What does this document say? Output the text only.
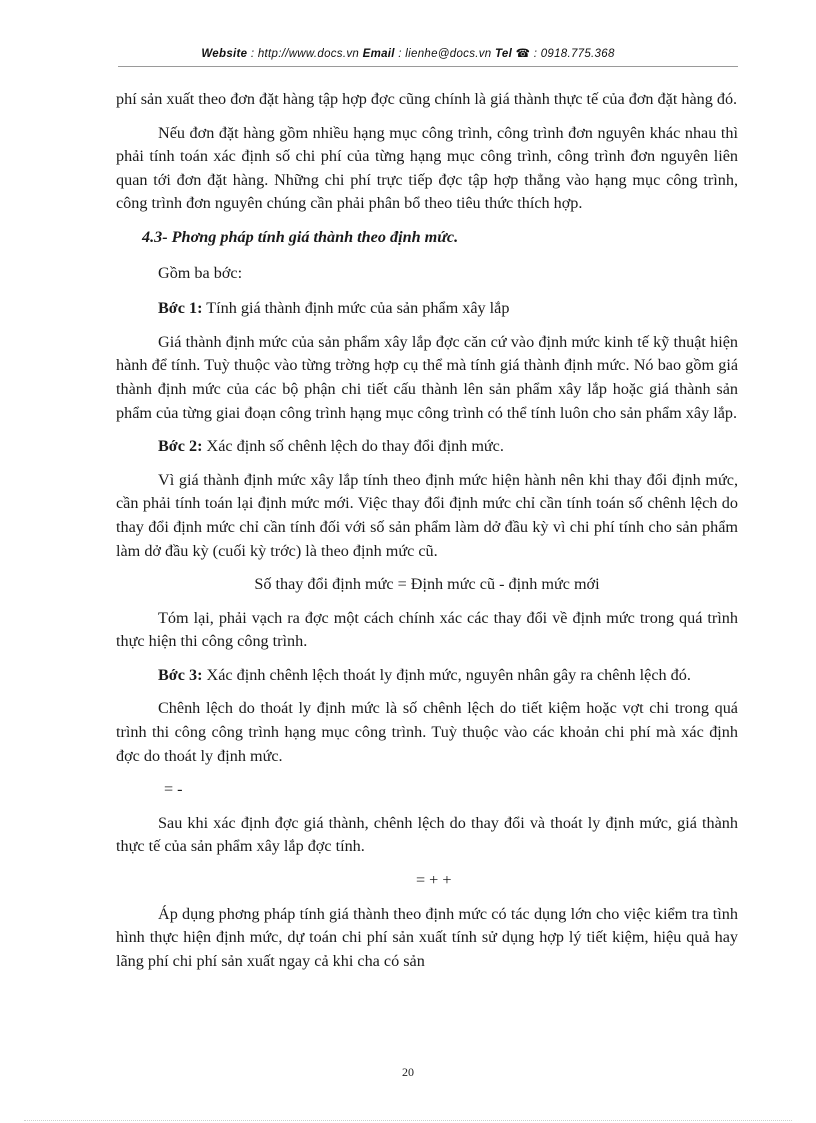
Website : http://www.docs.vn Email : lienhe@docs.vn Tel ☎ : 0918.775.368

phí sản xuất theo đơn đặt hàng tập hợp đợc cũng chính là giá thành thực tế của đơn đặt hàng đó.

Nếu đơn đặt hàng gồm nhiều hạng mục công trình, công trình đơn nguyên khác nhau thì phải tính toán xác định số chi phí của từng hạng mục công trình, công trình đơn nguyên liên quan tới đơn đặt hàng. Những chi phí trực tiếp đợc tập hợp thẳng vào hạng mục công trình, công trình đơn nguyên chúng cần phải phân bổ theo tiêu thức thích hợp.

4.3- Phơng pháp tính giá thành theo định mức.

Gồm ba bớc:

Bớc 1: Tính giá thành định mức của sản phẩm xây lắp

Giá thành định mức của sản phẩm xây lắp đợc căn cứ vào định mức kinh tế kỹ thuật hiện hành để tính. Tuỳ thuộc vào từng trờng hợp cụ thể mà tính giá thành định mức. Nó bao gồm giá thành định mức của các bộ phận chi tiết cấu thành lên sản phẩm xây lắp hoặc giá thành sản phẩm của từng giai đoạn công trình hạng mục công trình có thể tính luôn cho sản phẩm xây lắp.

Bớc 2: Xác định số chênh lệch do thay đổi định mức.

Vì giá thành định mức xây lắp tính theo định mức hiện hành nên khi thay đổi định mức, cần phải tính toán lại định mức mới. Việc thay đổi định mức chỉ cần tính toán số chênh lệch do thay đổi định mức chỉ cần tính đối với số sản phẩm làm dở đầu kỳ vì chi phí tính cho sản phẩm làm dở đầu kỳ (cuối kỳ trớc) là theo định mức cũ.

Số thay đổi định mức = Định mức cũ - định mức mới

Tóm lại, phải vạch ra đợc một cách chính xác các thay đổi về định mức trong quá trình thực hiện thi công công trình.

Bớc 3: Xác định chênh lệch thoát ly định mức, nguyên nhân gây ra chênh lệch đó.

Chênh lệch do thoát ly định mức là số chênh lệch do tiết kiệm hoặc vợt chi trong quá trình thi công công trình hạng mục công trình. Tuỳ thuộc vào các khoản chi phí mà xác định đợc do thoát ly định mức.

= -

Sau khi xác định đợc giá thành, chênh lệch do thay đổi và thoát ly định mức, giá thành thực tế của sản phẩm xây lắp đợc tính.

= + +

Áp dụng phơng pháp tính giá thành theo định mức có tác dụng lớn cho việc kiểm tra tình hình thực hiện định mức, dự toán chi phí sản xuất tính sử dụng hợp lý tiết kiệm, hiệu quả hay lãng phí chi phí sản xuất ngay cả khi cha có sản

20
